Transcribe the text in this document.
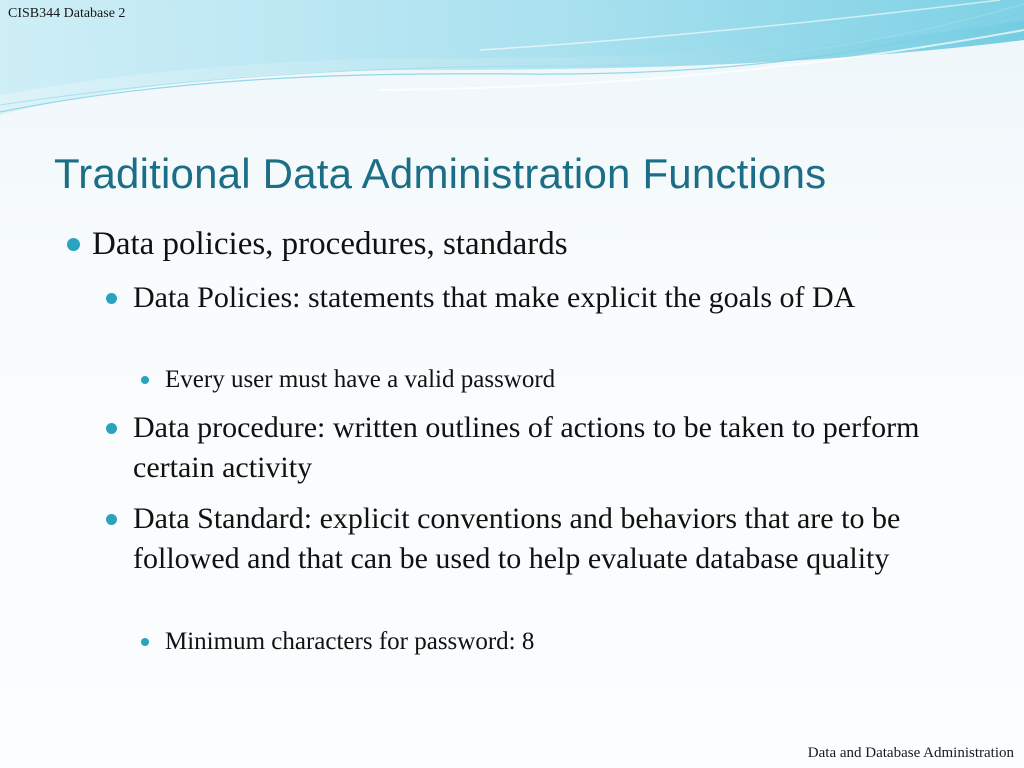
CISB344 Database 2
Traditional Data Administration Functions
Data policies, procedures, standards
Data Policies: statements that make explicit the goals of DA
Every user must have a valid password
Data procedure: written outlines of actions to be taken to perform certain activity
Data Standard: explicit conventions and behaviors that are to be followed and that can be used to help evaluate database quality
Minimum characters for password: 8
Data and Database Administration
